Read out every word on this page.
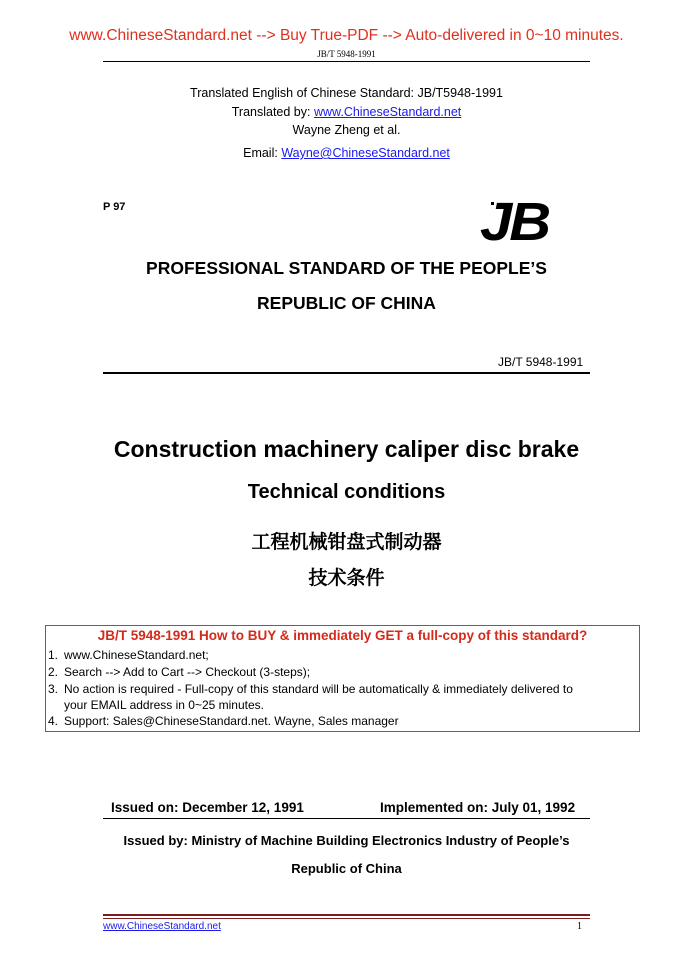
www.ChineseStandard.net --> Buy True-PDF --> Auto-delivered in 0~10 minutes.
JB/T 5948-1991
Translated English of Chinese Standard: JB/T5948-1991
Translated by: www.ChineseStandard.net
Wayne Zheng et al.
Email: Wayne@ChineseStandard.net
P 97	JB
PROFESSIONAL STANDARD OF THE PEOPLE’S
REPUBLIC OF CHINA
JB/T 5948-1991
Construction machinery caliper disc brake
Technical conditions
工程机械钳盘式制动器
技术条件
JB/T 5948-1991 How to BUY & immediately GET a full-copy of this standard?
1. www.ChineseStandard.net;
2. Search --> Add to Cart --> Checkout (3-steps);
3. No action is required - Full-copy of this standard will be automatically & immediately delivered to
your EMAIL address in 0~25 minutes.
4. Support: Sales@ChineseStandard.net. Wayne, Sales manager
Issued on: December 12, 1991	Implemented on: July 01, 1992
Issued by: Ministry of Machine Building Electronics Industry of People’s
Republic of China
www.ChineseStandard.net	1
